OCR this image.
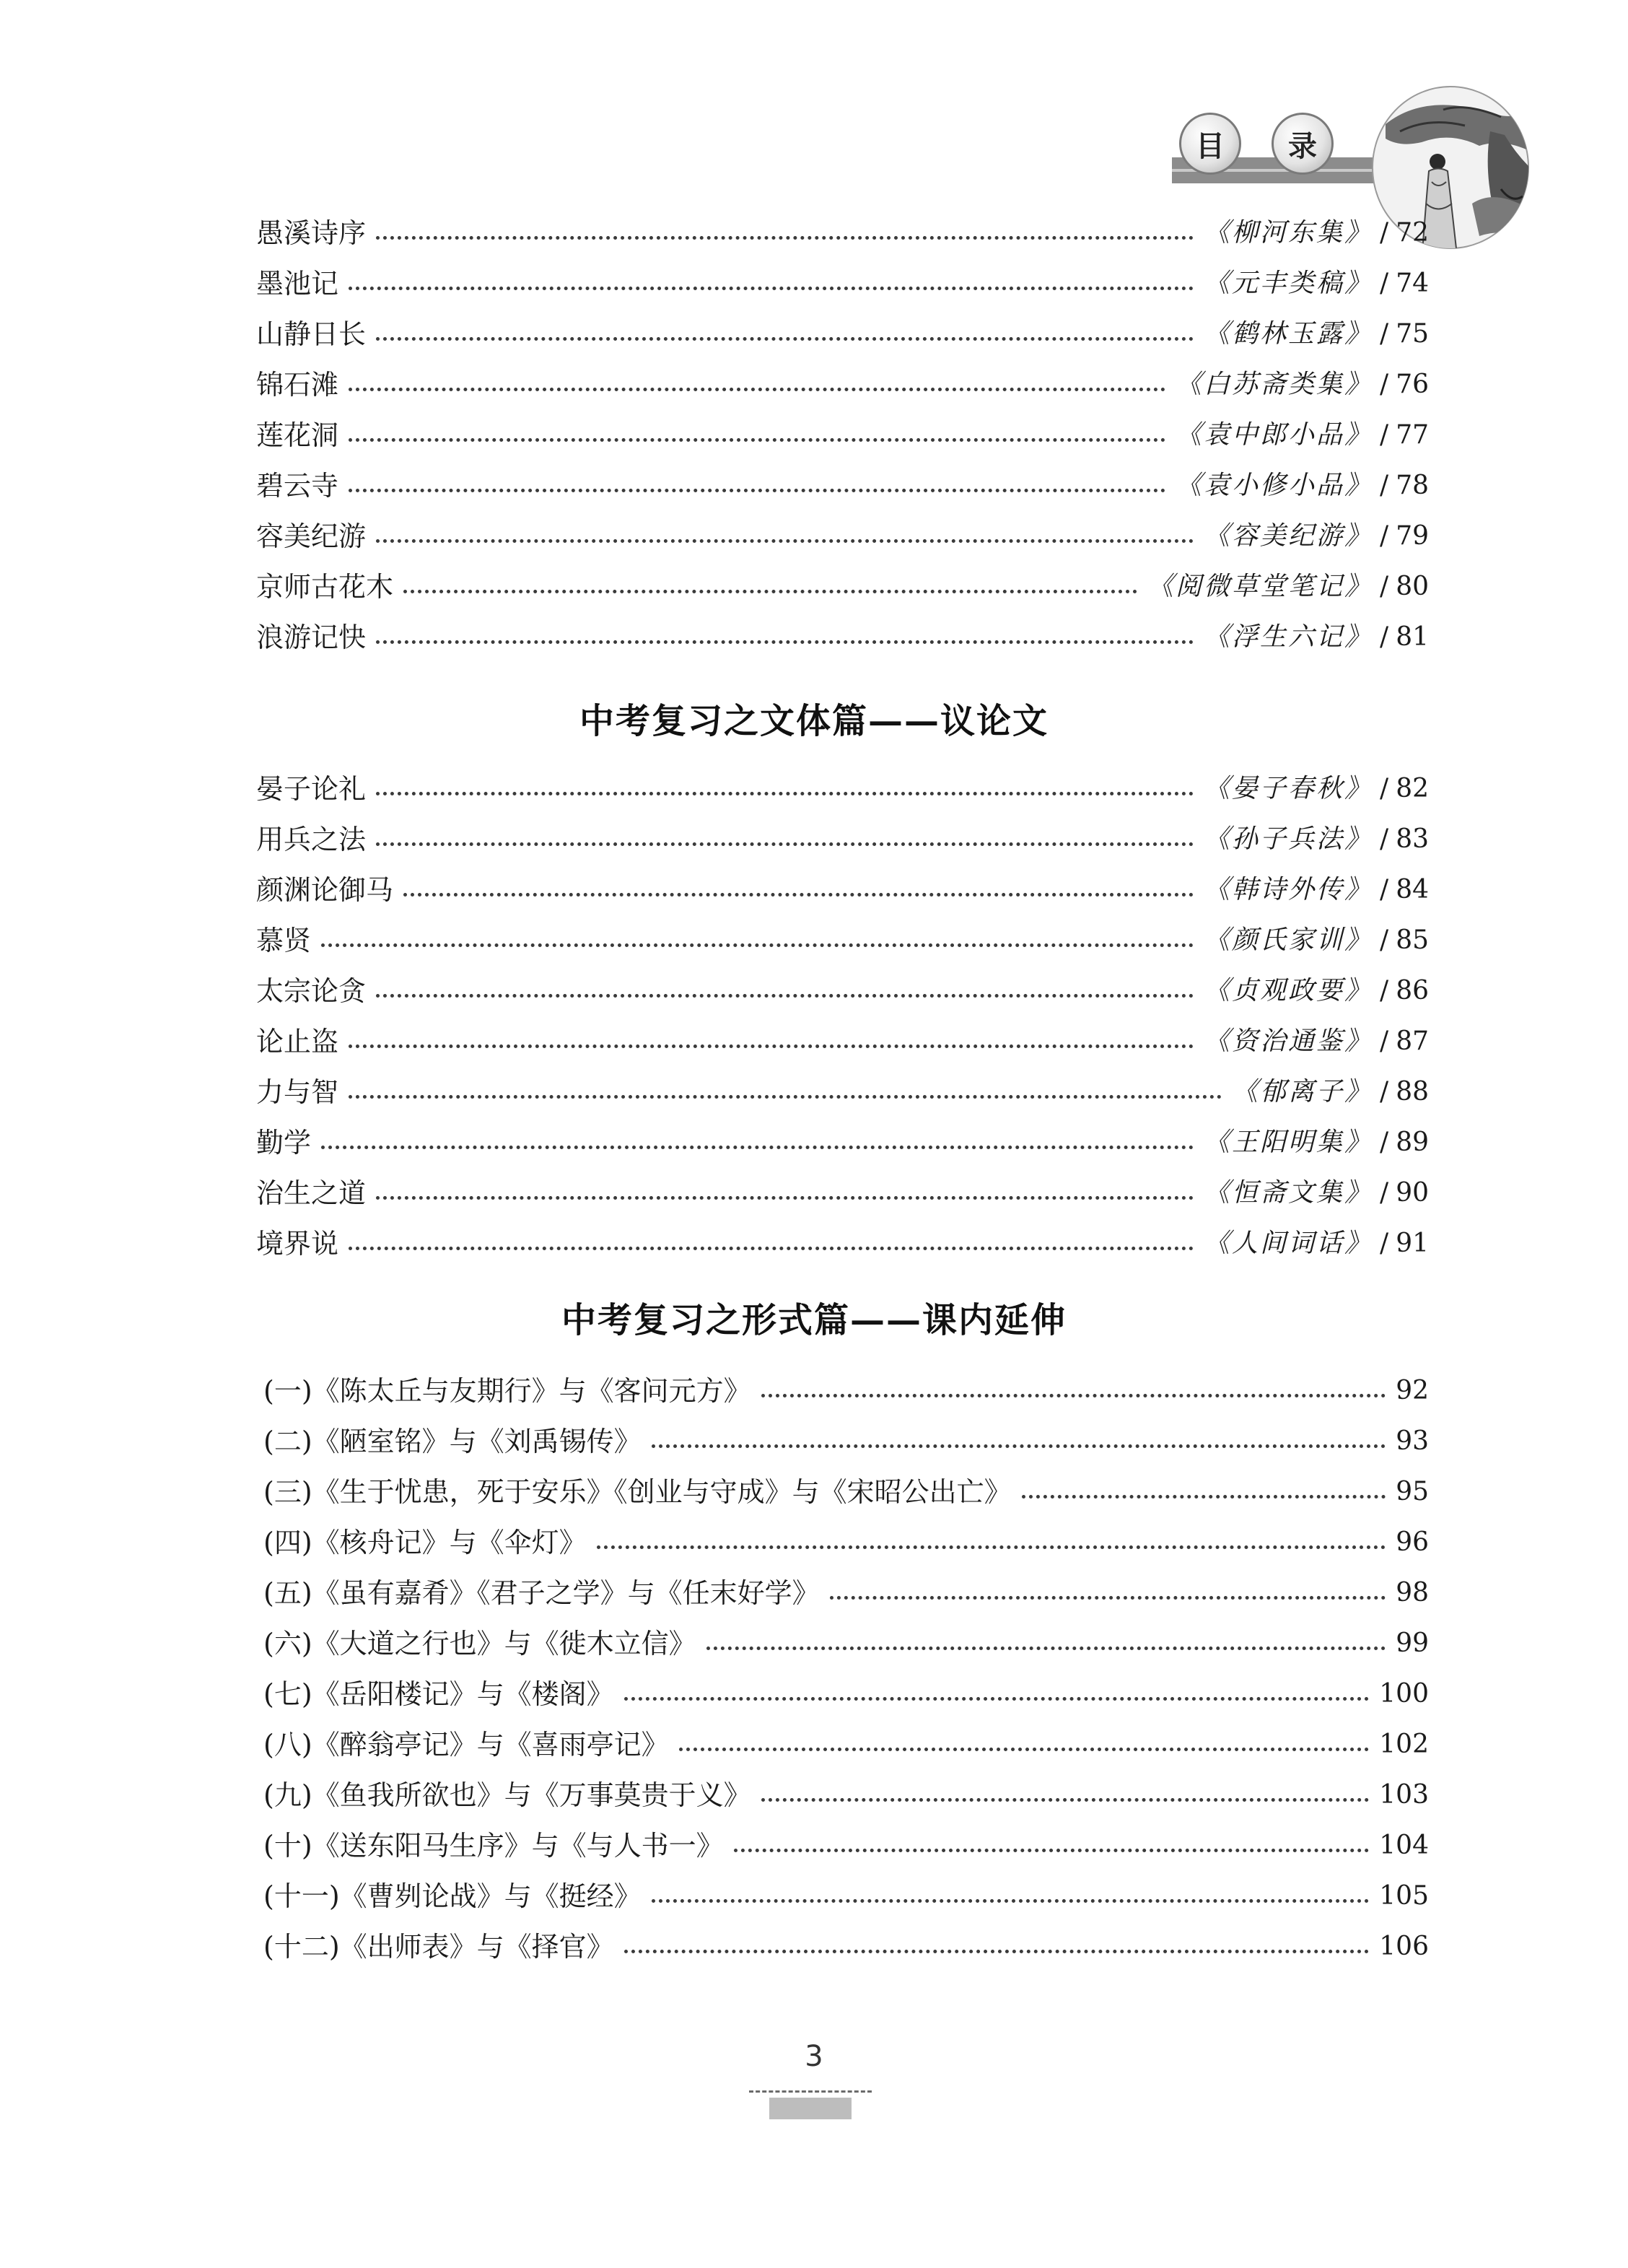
目	录
愚溪诗序	《柳河东集》 / 72
墨池记	《元丰类稿》 / 74
山静日长	《鹤林玉露》 / 75
锦石滩	《白苏斋类集》 / 76
莲花洞	《袁中郎小品》 / 77
碧云寺	《袁小修小品》 / 78
容美纪游	《容美纪游》 / 79
京师古花木	《阅微草堂笔记》 / 80
浪游记快	《浮生六记》 / 81
中考复习之文体篇——议论文
晏子论礼	《晏子春秋》 / 82
用兵之法	《孙子兵法》 / 83
颜渊论御马	《韩诗外传》 / 84
慕贤	《颜氏家训》 / 85
太宗论贪	《贞观政要》 / 86
论止盗	《资治通鉴》 / 87
力与智	《郁离子》 / 88
勤学	《王阳明集》 / 89
治生之道	《恒斋文集》 / 90
境界说	《人间词话》 / 91
中考复习之形式篇——课内延伸
(一)《陈太丘与友期行》与《客问元方》	92
(二)《陋室铭》与《刘禹锡传》	93
(三)《生于忧患，死于安乐》《创业与守成》与《宋昭公出亡》	95
(四)《核舟记》与《伞灯》	96
(五)《虽有嘉肴》《君子之学》与《任末好学》	98
(六)《大道之行也》与《徙木立信》	99
(七)《岳阳楼记》与《楼阁》	100
(八)《醉翁亭记》与《喜雨亭记》	102
(九)《鱼我所欲也》与《万事莫贵于义》	103
(十)《送东阳马生序》与《与人书一》	104
(十一)《曹刿论战》与《挺经》	105
(十二)《出师表》与《择官》	106
3
